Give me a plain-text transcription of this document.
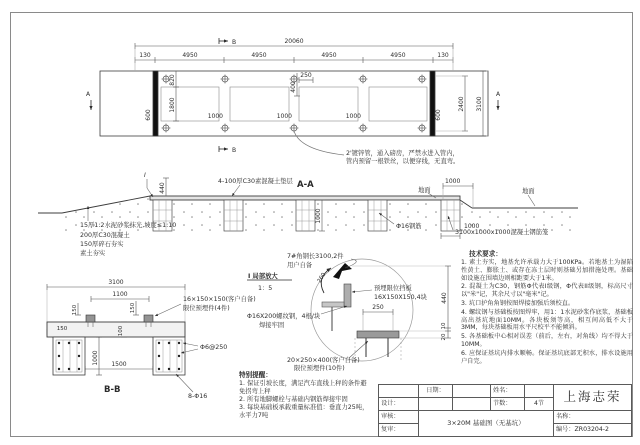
20060
130	4950	4950	4950	4950	130
820
1800
400
250
1000	1000	1000
600	600
2400 3100
B
B
A	A
A-A
4-100厚C30素混凝土垫层
I
440
1000
1000
1000
地面	地面
Φ16钢筋
3100x1000x1000混凝土钢筋笼
15厚1:2水泥砂浆抹光,坡度≤1:10
200厚C30混凝土
150厚碎石夯实
素土夯实	7#角钢长3100,2件
用户自备
I 局部放大
1：5
260
预埋限位挡板
16X150X150,4块
250
440
10
20
Φ16X200螺纹钢，4根/块
焊接牢固
20×250×400(客户自备)
限位预埋件(10件)
3100
1100
150	150
150	100
1000 1500
16×150×150(客户自备)
限位预埋件(4件)
Φ6@250
8-Φ16
B-B
2'镀锌管，通入磅房，严禁水进入管内，
管内预留一根铁丝，以便穿线，无直弯。
特别提醒：
1. 保证引坡长度，满足汽车直线上秤的条件避
免拐弯上秤
2. 所有地脚螺栓与基础内钢筋焊接牢固
3. 每块基础板承载重量标准值：垂直力25吨，
水平力7吨
技术要求：
1. 素土夯实，地基允许承载力大于100KPa。若地基土为湿陷性黄土、膨胀土、或存在冻土层时则基础另加措施处理。基础如设施在围墙边则相距要大于1米。
2. 混凝土为C30，钢筋Φ代表I级钢，Φ代表II级钢，标高尺寸以"米"记，其余尺寸以"毫米"记。
3. 坑口护角角钢按图焊接加强后须校直。
4. 螺纹钢与基础板按图焊牢，用1：1水泥砂浆作底浆，基础板高出基坑地面10MM。各块板须等高，相互间高低不大于3MM，每块基础板用水平尺校平不能倾斜。
5. 各基础板中心相对误差（前后，左右，对角线）均不得大于10MM。
6. 应保证基坑内排水顺畅。保证基坑底部无积水，排水设施用户自完。
日期：	姓名：	上海志荣
设计：	节数：	4节
审核：
3×20M 基础图（无基坑）
名称：
复审：	编号：ZR03204-2
